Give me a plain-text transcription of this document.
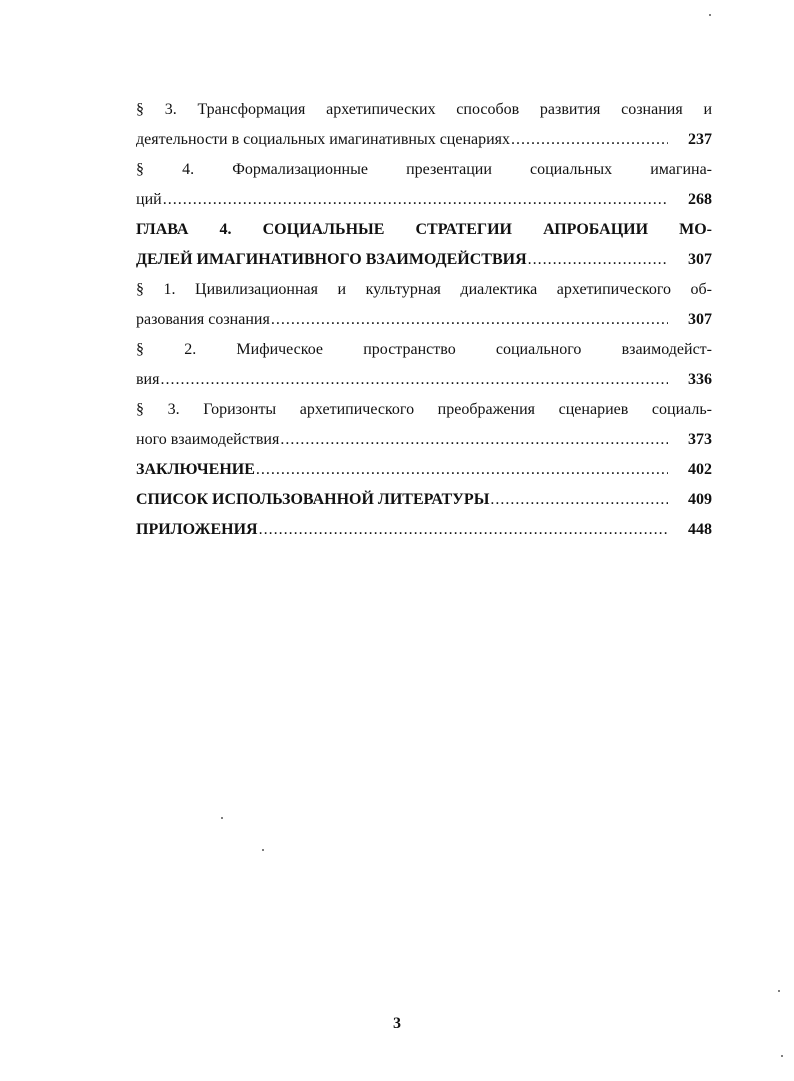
§ 3. Трансформация архетипических способов развития сознания и
деятельности в социальных имагинативных сценариях .....	237
§ 4. Формализационные презентации социальных имагина-
ций .....	268
ГЛАВА 4. СОЦИАЛЬНЫЕ СТРАТЕГИИ АПРОБАЦИИ МО-
ДЕЛЕЙ ИМАГИНАТИВНОГО ВЗАИМОДЕЙСТВИЯ .....	307
§ 1. Цивилизационная и культурная диалектика архетипического об-
разования сознания .....	307
§ 2. Мифическое пространство социального взаимодейст-
вия .....	336
§ 3. Горизонты архетипического преображения сценариев социаль-
ного взаимодействия .....	373
ЗАКЛЮЧЕНИЕ .....	402
СПИСОК ИСПОЛЬЗОВАННОЙ ЛИТЕРАТУРЫ .....	409
ПРИЛОЖЕНИЯ .....	448
3
